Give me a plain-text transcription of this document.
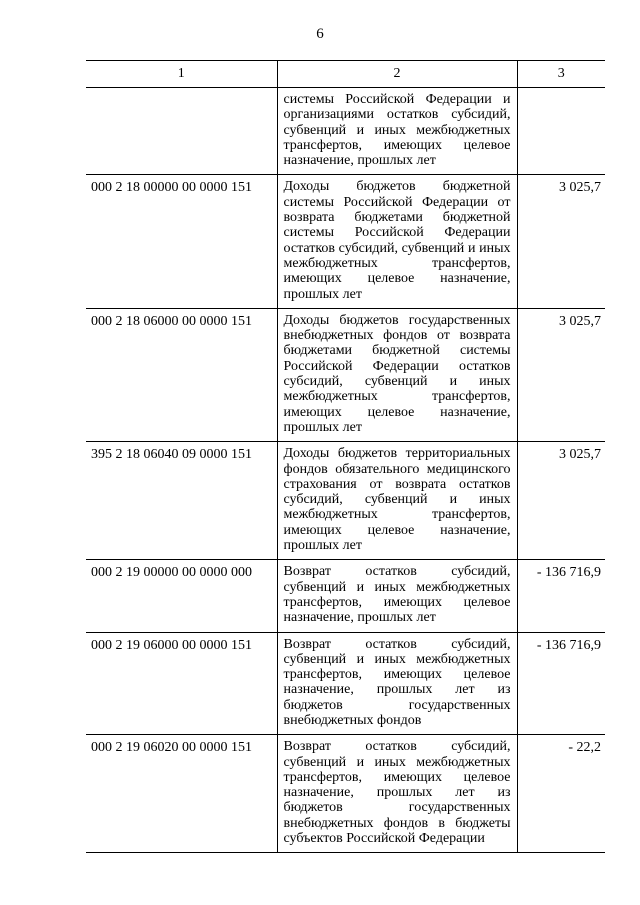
6
1	2	3
	системы Российской Федерации и организациями остатков субсидий, субвенций и иных межбюджетных трансфертов, имеющих целевое назначение, прошлых лет	
000 2 18 00000 00 0000 151	Доходы бюджетов бюджетной системы Российской Федерации от возврата бюджетами бюджетной системы Российской Федерации остатков субсидий, субвенций и иных межбюджетных трансфертов, имеющих целевое назначение, прошлых лет	3 025,7
000 2 18 06000 00 0000 151	Доходы бюджетов государственных внебюджетных фондов от возврата бюджетами бюджетной системы Российской Федерации остатков субсидий, субвенций и иных межбюджетных трансфертов, имеющих целевое назначение, прошлых лет	3 025,7
395 2 18 06040 09 0000 151	Доходы бюджетов территориальных фондов обязательного медицинского страхования от возврата остатков субсидий, субвенций и иных межбюджетных трансфертов, имеющих целевое назначение, прошлых лет	3 025,7
000 2 19 00000 00 0000 000	Возврат остатков субсидий, субвенций и иных межбюджетных трансфертов, имеющих целевое назначение, прошлых лет	- 136 716,9
000 2 19 06000 00 0000 151	Возврат остатков субсидий, субвенций и иных межбюджетных трансфертов, имеющих целевое назначение, прошлых лет из бюджетов государственных внебюджетных фондов	- 136 716,9
000 2 19 06020 00 0000 151	Возврат остатков субсидий, субвенций и иных межбюджетных трансфертов, имеющих целевое назначение, прошлых лет из бюджетов государственных внебюджетных фондов в бюджеты субъектов Российской Федерации	- 22,2
